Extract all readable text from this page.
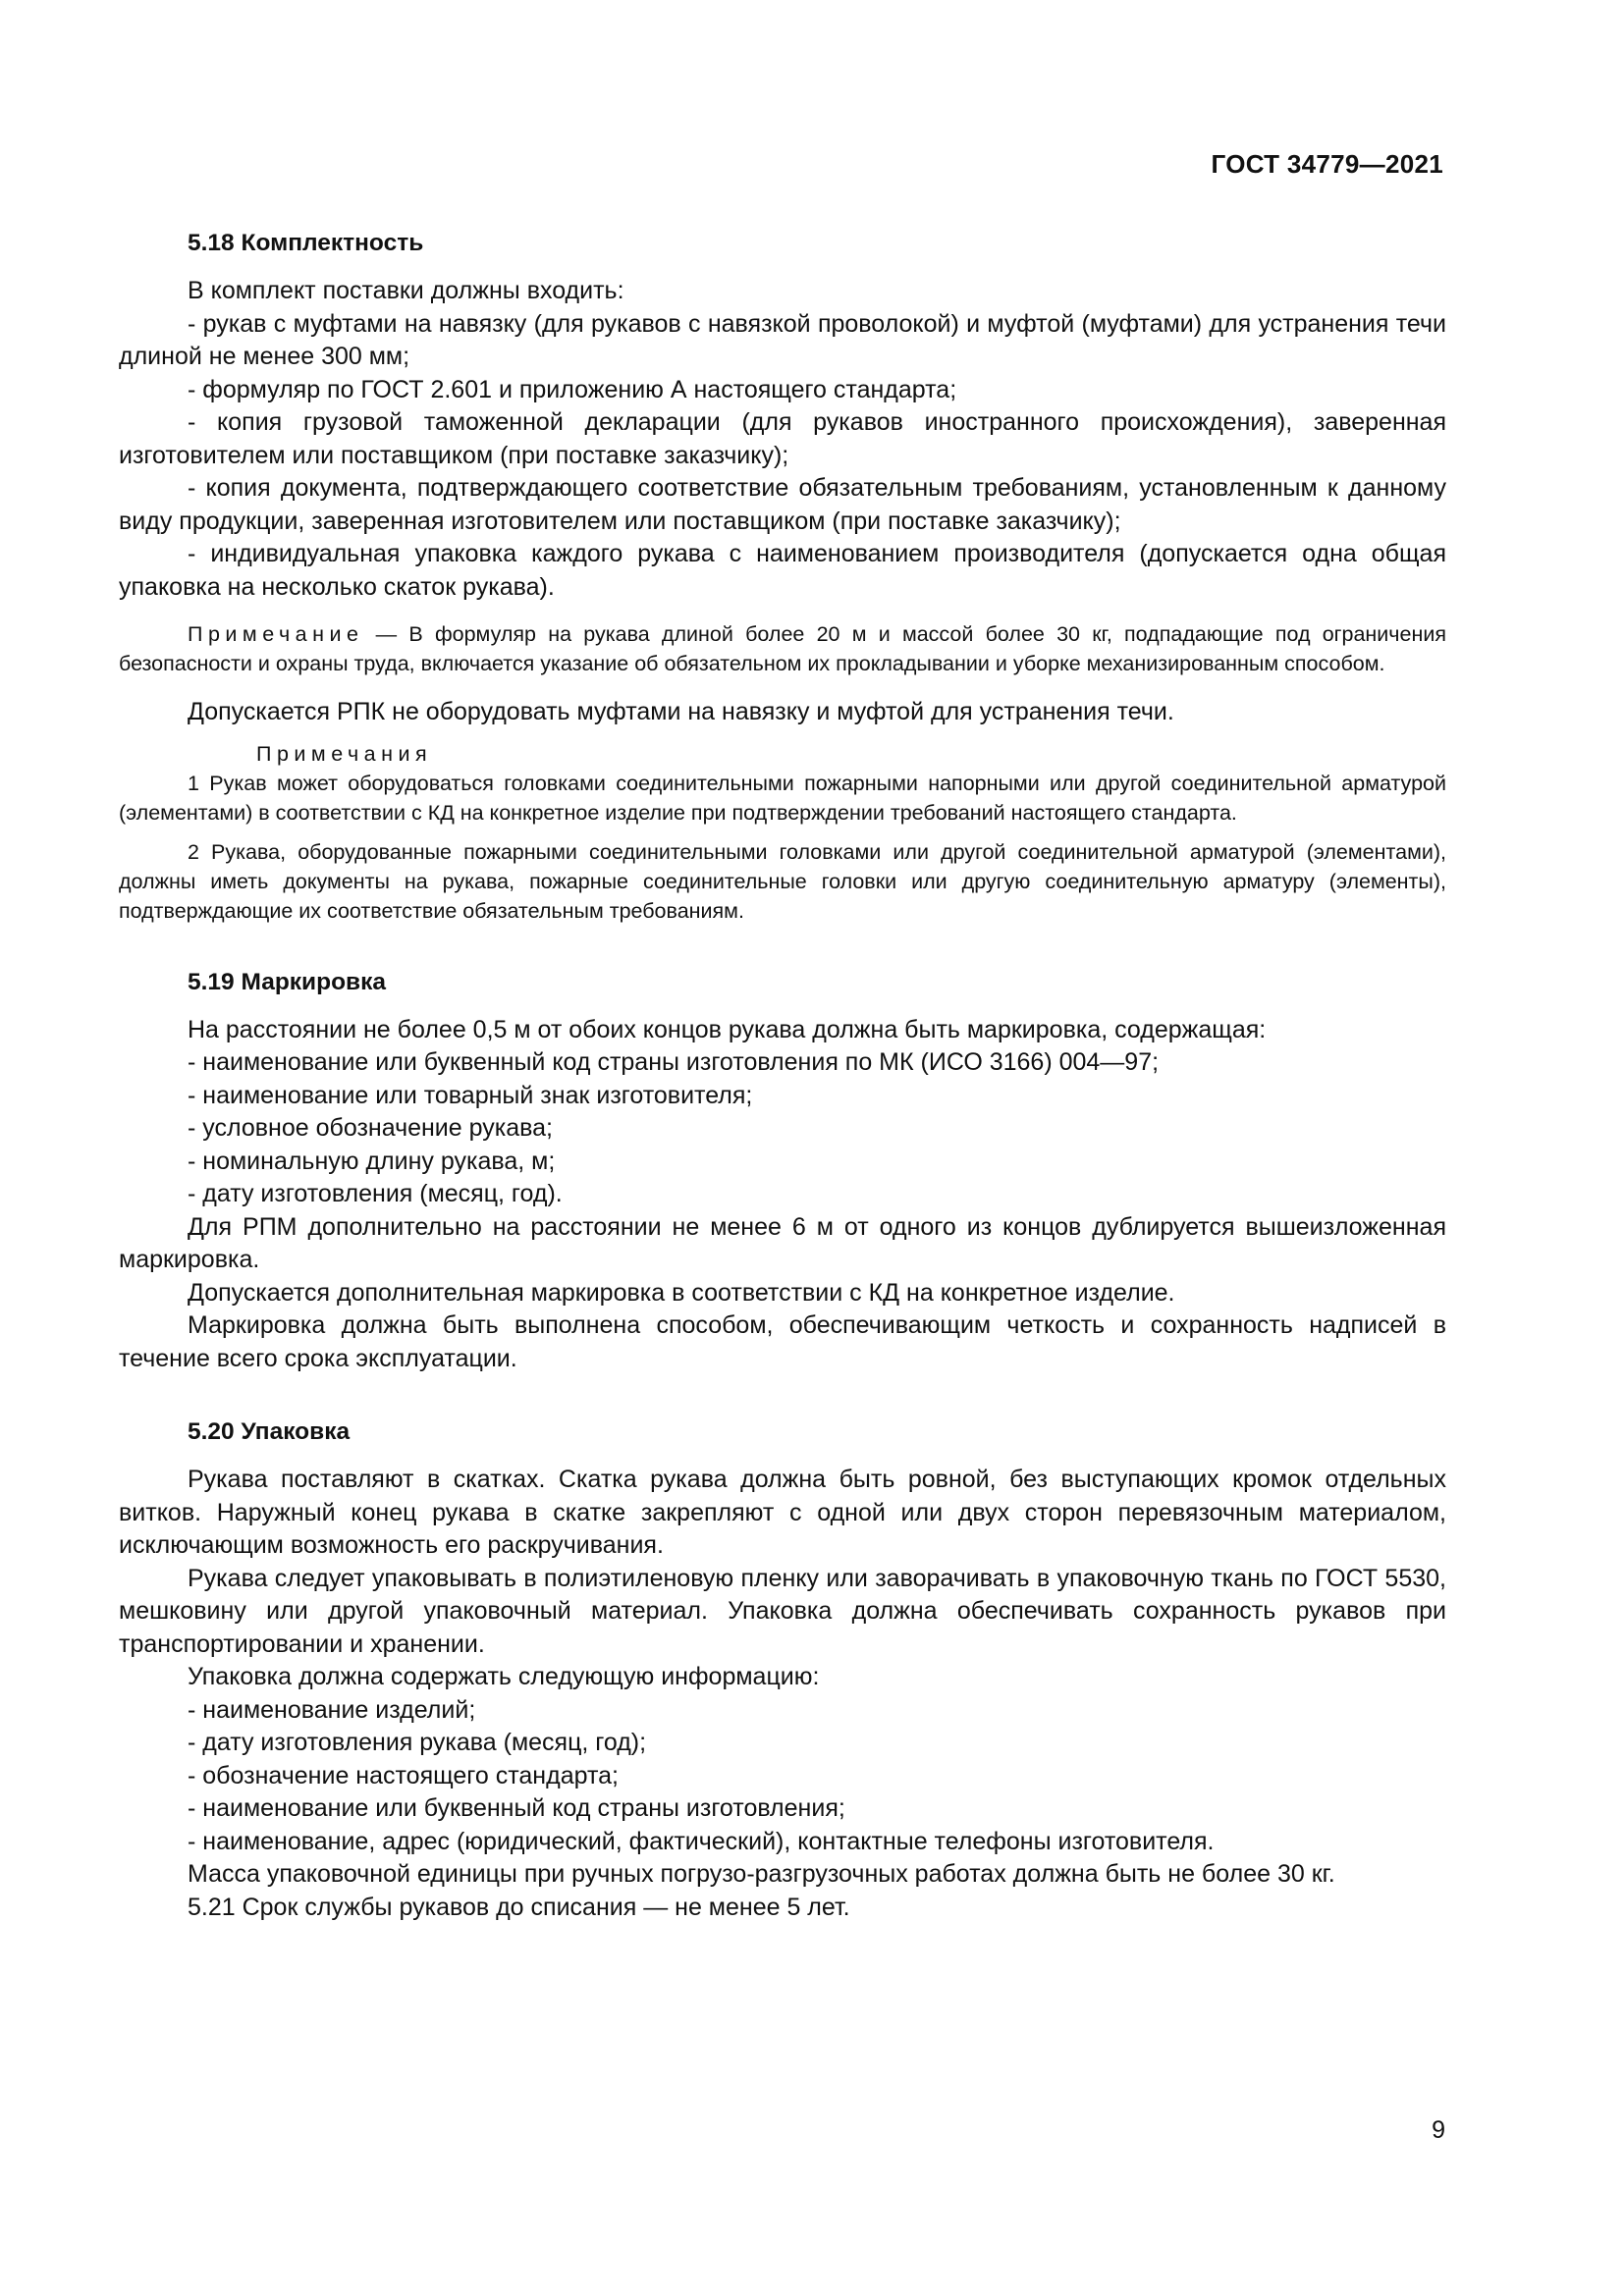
ГОСТ 34779—2021
5.18 Комплектность

В комплект поставки должны входить:

- рукав с муфтами на навязку (для рукавов с навязкой проволокой) и муфтой (муфтами) для устранения течи длиной не менее 300 мм;

- формуляр по ГОСТ 2.601 и приложению А настоящего стандарта;

- копия грузовой таможенной декларации (для рукавов иностранного происхождения), заверенная изготовителем или поставщиком (при поставке заказчику);

- копия документа, подтверждающего соответствие обязательным требованиям, установленным к данному виду продукции, заверенная изготовителем или поставщиком (при поставке заказчику);

- индивидуальная упаковка каждого рукава с наименованием производителя (допускается одна общая упаковка на несколько скаток рукава).

Примечание — В формуляр на рукава длиной более 20 м и массой более 30 кг, подпадающие под ограничения безопасности и охраны труда, включается указание об обязательном их прокладывании и уборке механизированным способом.

Допускается РПК не оборудовать муфтами на навязку и муфтой для устранения течи.

Примечания

1 Рукав может оборудоваться головками соединительными пожарными напорными или другой соединительной арматурой (элементами) в соответствии с КД на конкретное изделие при подтверждении требований настоящего стандарта.

2 Рукава, оборудованные пожарными соединительными головками или другой соединительной арматурой (элементами), должны иметь документы на рукава, пожарные соединительные головки или другую соединительную арматуру (элементы), подтверждающие их соответствие обязательным требованиям.

5.19 Маркировка

На расстоянии не более 0,5 м от обоих концов рукава должна быть маркировка, содержащая:

- наименование или буквенный код страны изготовления по МК (ИСО 3166) 004—97;

- наименование или товарный знак изготовителя;

- условное обозначение рукава;

- номинальную длину рукава, м;

- дату изготовления (месяц, год).

Для РПМ дополнительно на расстоянии не менее 6 м от одного из концов дублируется вышеизложенная маркировка.

Допускается дополнительная маркировка в соответствии с КД на конкретное изделие.

Маркировка должна быть выполнена способом, обеспечивающим четкость и сохранность надписей в течение всего срока эксплуатации.

5.20 Упаковка

Рукава поставляют в скатках. Скатка рукава должна быть ровной, без выступающих кромок отдельных витков. Наружный конец рукава в скатке закрепляют с одной или двух сторон перевязочным материалом, исключающим возможность его раскручивания.

Рукава следует упаковывать в полиэтиленовую пленку или заворачивать в упаковочную ткань по ГОСТ 5530, мешковину или другой упаковочный материал. Упаковка должна обеспечивать сохранность рукавов при транспортировании и хранении.

Упаковка должна содержать следующую информацию:

- наименование изделий;

- дату изготовления рукава (месяц, год);

- обозначение настоящего стандарта;

- наименование или буквенный код страны изготовления;

- наименование, адрес (юридический, фактический), контактные телефоны изготовителя.

Масса упаковочной единицы при ручных погрузо-разгрузочных работах должна быть не более 30 кг.

5.21 Срок службы рукавов до списания — не менее 5 лет.

9
